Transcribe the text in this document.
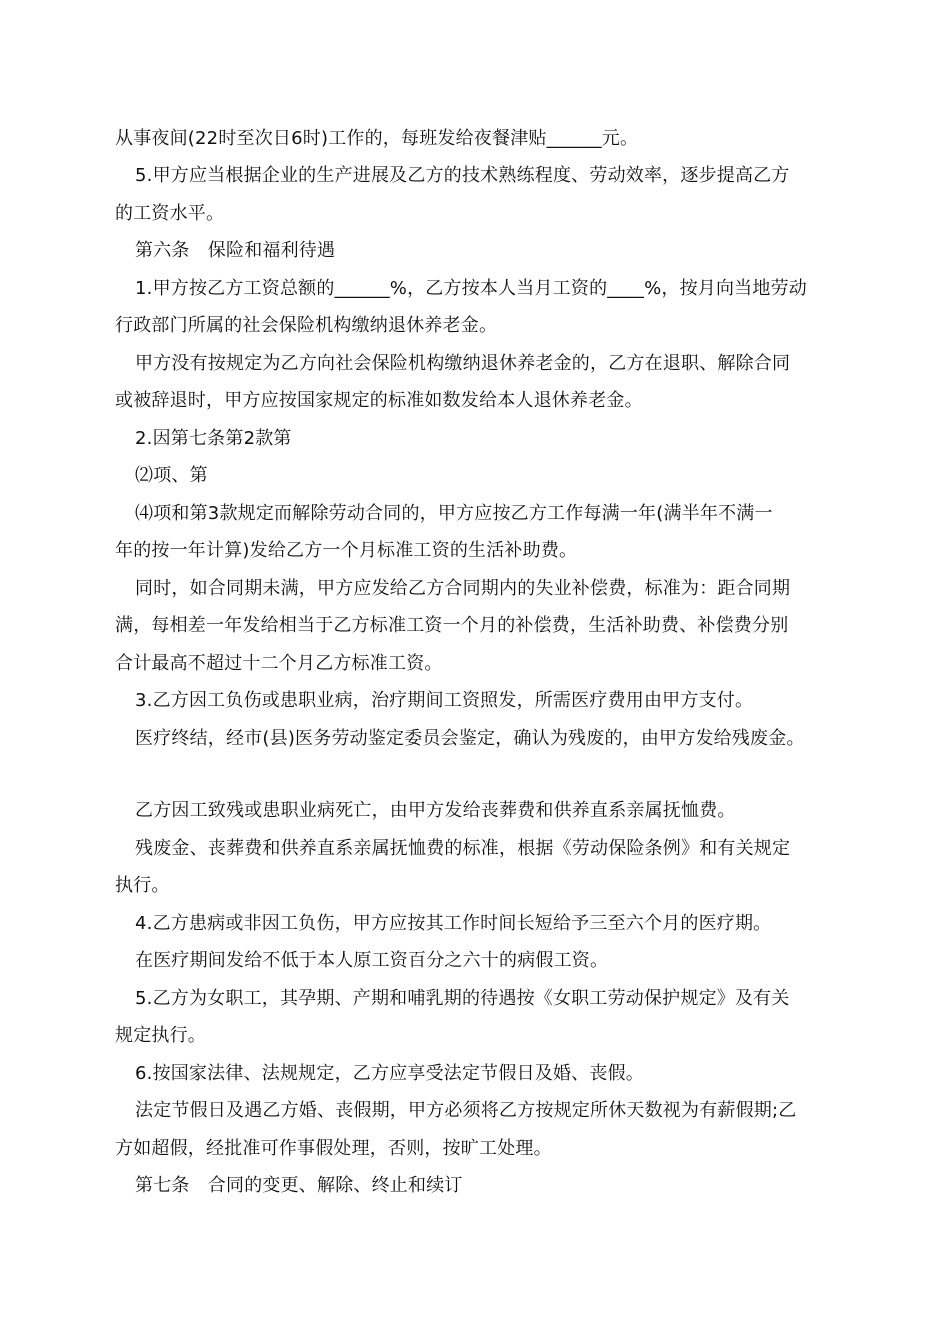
从事夜间(22时至次日6时)工作的，每班发给夜餐津贴______元。
5.甲方应当根据企业的生产进展及乙方的技术熟练程度、劳动效率，逐步提高乙方
的工资水平。
第六条　保险和福利待遇
1.甲方按乙方工资总额的______%，乙方按本人当月工资的____%，按月向当地劳动
行政部门所属的社会保险机构缴纳退休养老金。
甲方没有按规定为乙方向社会保险机构缴纳退休养老金的，乙方在退职、解除合同
或被辞退时，甲方应按国家规定的标准如数发给本人退休养老金。
2.因第七条第2款第
⑵项、第
⑷项和第3款规定而解除劳动合同的，甲方应按乙方工作每满一年(满半年不满一
年的按一年计算)发给乙方一个月标准工资的生活补助费。
同时，如合同期未满，甲方应发给乙方合同期内的失业补偿费，标准为：距合同期
满，每相差一年发给相当于乙方标准工资一个月的补偿费，生活补助费、补偿费分别
合计最高不超过十二个月乙方标准工资。
3.乙方因工负伤或患职业病，治疗期间工资照发，所需医疗费用由甲方支付。
医疗终结，经市(县)医务劳动鉴定委员会鉴定，确认为残废的，由甲方发给残废金。
乙方因工致残或患职业病死亡，由甲方发给丧葬费和供养直系亲属抚恤费。
残废金、丧葬费和供养直系亲属抚恤费的标准，根据《劳动保险条例》和有关规定
执行。
4.乙方患病或非因工负伤，甲方应按其工作时间长短给予三至六个月的医疗期。
在医疗期间发给不低于本人原工资百分之六十的病假工资。
5.乙方为女职工，其孕期、产期和哺乳期的待遇按《女职工劳动保护规定》及有关
规定执行。
6.按国家法律、法规规定，乙方应享受法定节假日及婚、丧假。
法定节假日及遇乙方婚、丧假期，甲方必须将乙方按规定所休天数视为有薪假期;乙
方如超假，经批准可作事假处理，否则，按旷工处理。
第七条　合同的变更、解除、终止和续订
